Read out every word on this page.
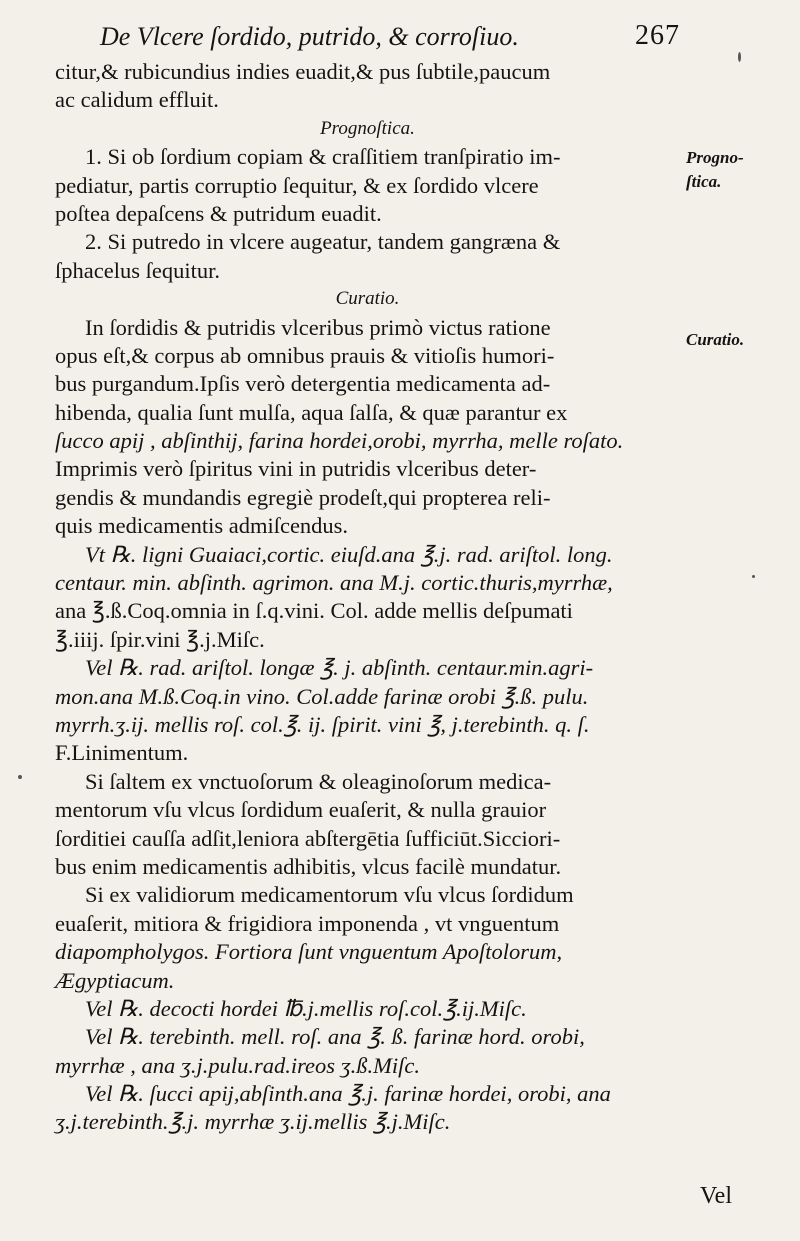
De Vlcere ſordido, putrido, & corroſiuo.	267
citur,& rubicundius indies euadit,& pus ſubtile,paucum
ac calidum effluit.
Prognoſtica.
1. Si ob ſordium copiam & craſſitiem tranſpiratio im-
pediatur, partis corruptio ſequitur, & ex ſordido vlcere
poſtea depaſcens & putridum euadit.
2. Si putredo in vlcere augeatur, tandem gangræna &
ſphacelus ſequitur.
Curatio.
In ſordidis & putridis vlceribus primò victus ratione
opus eſt,& corpus ab omnibus prauis & vitioſis humori-
bus purgandum.Ipſis verò detergentia medicamenta ad-
hibenda, qualia ſunt mulſa, aqua ſalſa, & quæ parantur ex
ſucco apij , abſinthij, farina hordei,orobi, myrrha, melle roſato.
Imprimis verò ſpiritus vini in putridis vlceribus deter-
gendis & mundandis egregiè prodeſt,qui propterea reli-
quis medicamentis admiſcendus.
Vt ℞. ligni Guaiaci,cortic. eiuſd.ana ℥.j. rad. ariſtol. long.
centaur. min. abſinth. agrimon. ana M.j. cortic.thuris,myrrhæ,
ana ℥.ß.Coq.omnia in ſ.q.vini. Col. adde mellis deſpumati
℥.iiij. ſpir.vini ℥.j.Miſc.
Vel ℞. rad. ariſtol. longæ ℥. j. abſinth. centaur.min.agri-
mon.ana M.ß.Coq.in vino. Col.adde farinæ orobi ℥.ß. pulu.
myrrh.ʒ.ij. mellis roſ. col.℥. ij. ſpirit. vini ℥, j.terebinth. q. ſ.
F.Linimentum.
Si ſaltem ex vnctuoſorum & oleaginoſorum medica-
mentorum vſu vlcus ſordidum euaſerit, & nulla grauior
ſorditiei cauſſa adſit,leniora abſtergētia ſufficiūt.Sicciori-
bus enim medicamentis adhibitis, vlcus facilè mundatur.
Si ex validiorum medicamentorum vſu vlcus ſordidum
euaſerit, mitiora & frigidiora imponenda , vt vnguentum
diapompholygos. Fortiora ſunt vnguentum Apoſtolorum,
Ægyptiacum.
Vel ℞. decocti hordei ℔.j.mellis roſ.col.℥.ij.Miſc.
Vel ℞. terebinth. mell. roſ. ana ℥. ß. farinæ hord. orobi,
myrrhæ , ana ʒ.j.pulu.rad.ireos ʒ.ß.Miſc.
Vel ℞. ſucci apij,abſinth.ana ℥.j. farinæ hordei, orobi, ana
ʒ.j.terebinth.℥.j. myrrhæ ʒ.ij.mellis ℥.j.Miſc.
Progno-
ſtica.
Curatio.
Vel
